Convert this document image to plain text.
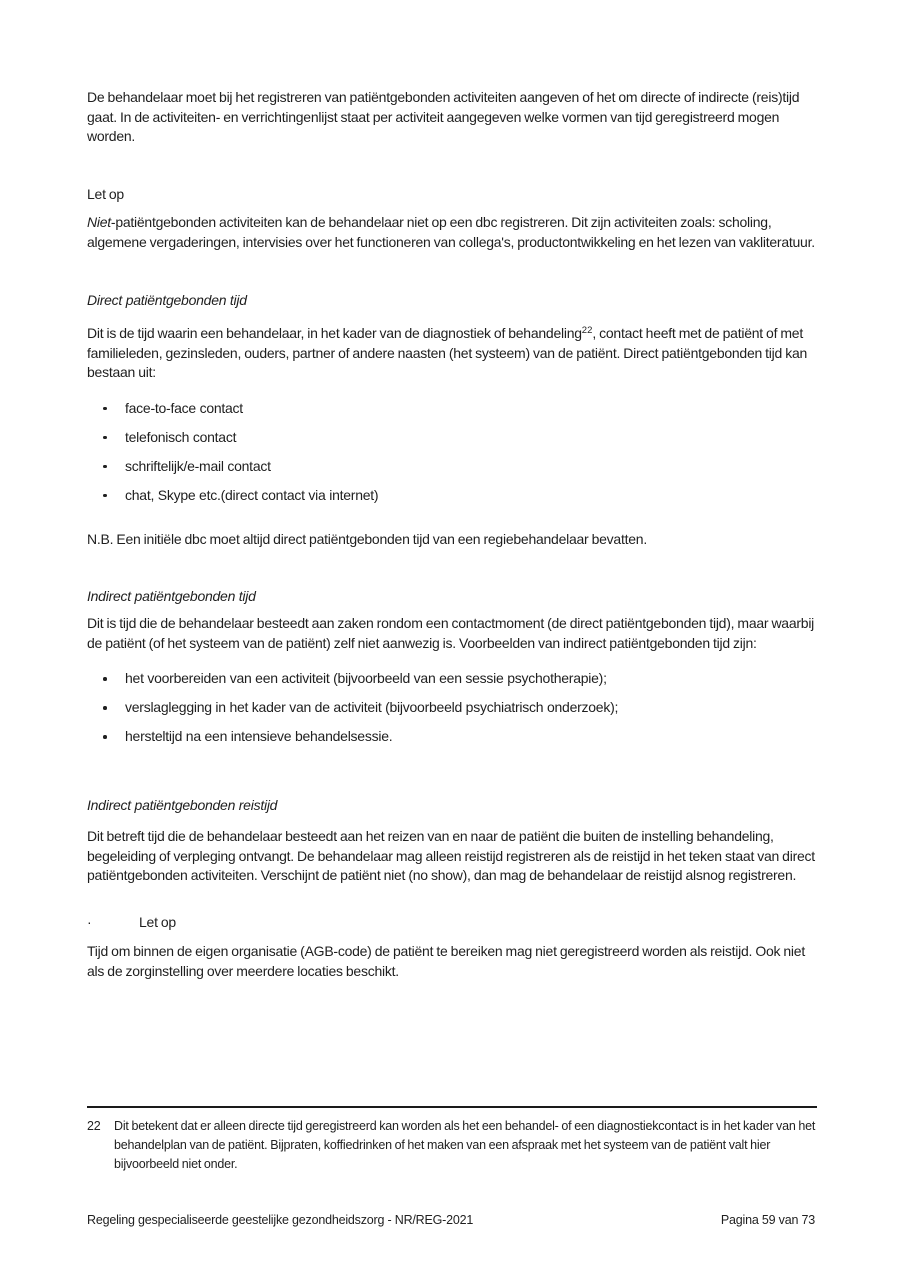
De behandelaar moet bij het registreren van patiëntgebonden activiteiten aangeven of het om directe of indirecte (reis)tijd gaat. In de activiteiten- en verrichtingenlijst staat per activiteit aangegeven welke vormen van tijd geregistreerd mogen worden.

Let op

Niet-patiëntgebonden activiteiten kan de behandelaar niet op een dbc registreren. Dit zijn activiteiten zoals: scholing, algemene vergaderingen, intervisies over het functioneren van collega's, productontwikkeling en het lezen van vakliteratuur.

Direct patiëntgebonden tijd

Dit is de tijd waarin een behandelaar, in het kader van de diagnostiek of behandeling$^{22}$, contact heeft met de patiënt of met familieleden, gezinsleden, ouders, partner of andere naasten (het systeem) van de patiënt. Direct patiëntgebonden tijd kan bestaan uit:

face-to-face contact
telefonisch contact
schriftelijk/e-mail contact
chat, Skype etc.(direct contact via internet)

N.B. Een initiële dbc moet altijd direct patiëntgebonden tijd van een regiebehandelaar bevatten.

Indirect patiëntgebonden tijd

Dit is tijd die de behandelaar besteedt aan zaken rondom een contactmoment (de direct patiëntgebonden tijd), maar waarbij de patiënt (of het systeem van de patiënt) zelf niet aanwezig is. Voorbeelden van indirect patiëntgebonden tijd zijn:

het voorbereiden van een activiteit (bijvoorbeeld van een sessie psychotherapie);
verslaglegging in het kader van de activiteit (bijvoorbeeld psychiatrisch onderzoek);
hersteltijd na een intensieve behandelsessie.
Indirect patiëntgebonden reistijd

Dit betreft tijd die de behandelaar besteedt aan het reizen van en naar de patiënt die buiten de instelling behandeling, begeleiding of verpleging ontvangt. De behandelaar mag alleen reistijd registreren als de reistijd in het teken staat van direct patiëntgebonden activiteiten. Verschijnt de patiënt niet (no show), dan mag de behandelaar de reistijd alsnog registreren.

·	Let op

Tijd om binnen de eigen organisatie (AGB-code) de patiënt te bereiken mag niet geregistreerd worden als reistijd. Ook niet als de zorginstelling over meerdere locaties beschikt.

22	Dit betekent dat er alleen directe tijd geregistreerd kan worden als het een behandel- of een diagnostiekcontact is in het kader van het behandelplan van de patiënt. Bijpraten, koffiedrinken of het maken van een afspraak met het systeem van de patiënt valt hier bijvoorbeeld niet onder.
Regeling gespecialiseerde geestelijke gezondheidszorg - NR/REG-2021	Pagina 59 van 73
